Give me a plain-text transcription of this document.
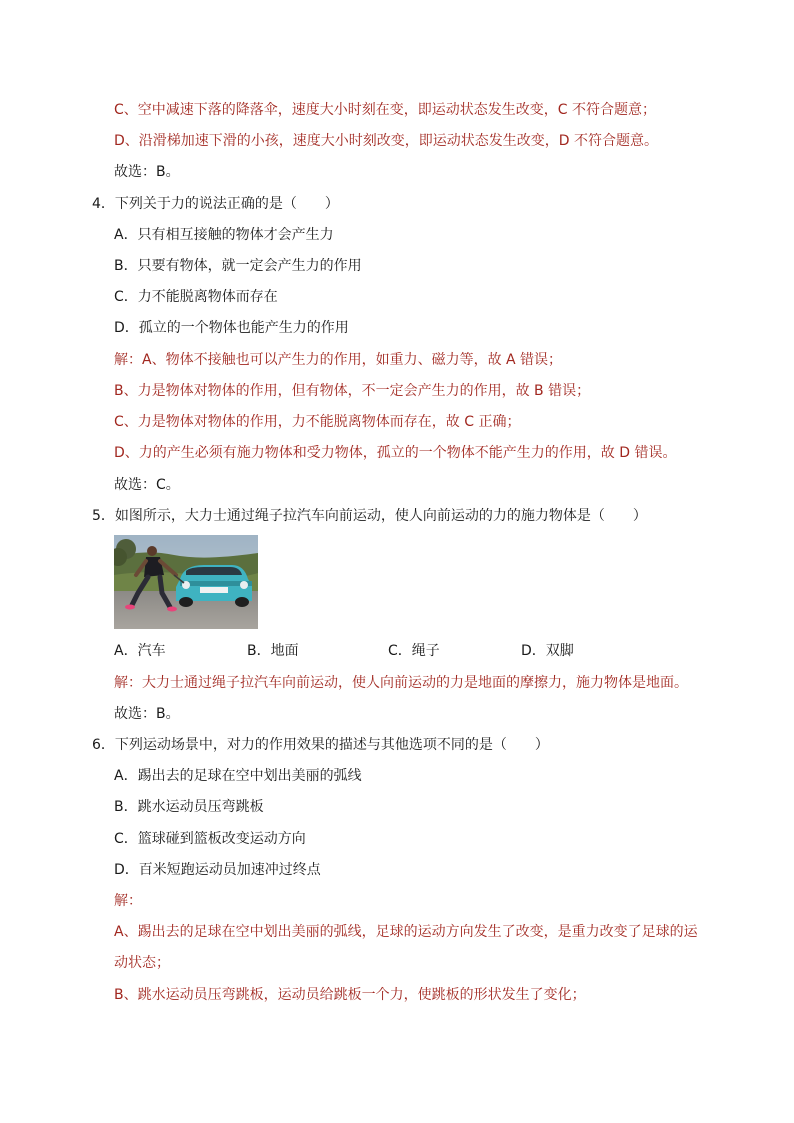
C、空中减速下落的降落伞，速度大小时刻在变，即运动状态发生改变，C 不符合题意；
D、沿滑梯加速下滑的小孩，速度大小时刻改变，即运动状态发生改变，D 不符合题意。
故选：B。
4．下列关于力的说法正确的是（　　）
A．只有相互接触的物体才会产生力
B．只要有物体，就一定会产生力的作用
C．力不能脱离物体而存在
D．孤立的一个物体也能产生力的作用
解：A、物体不接触也可以产生力的作用，如重力、磁力等，故 A 错误；
B、力是物体对物体的作用，但有物体，不一定会产生力的作用，故 B 错误；
C、力是物体对物体的作用，力不能脱离物体而存在，故 C 正确；
D、力的产生必须有施力物体和受力物体，孤立的一个物体不能产生力的作用，故 D 错误。
故选：C。
5．如图所示，大力士通过绳子拉汽车向前运动，使人向前运动的力的施力物体是（　　）
A．汽车	B．地面	C．绳子	D．双脚
解：大力士通过绳子拉汽车向前运动，使人向前运动的力是地面的摩擦力，施力物体是地面。
故选：B。
6．下列运动场景中，对力的作用效果的描述与其他选项不同的是（　　）
A．踢出去的足球在空中划出美丽的弧线
B．跳水运动员压弯跳板
C．篮球碰到篮板改变运动方向
D．百米短跑运动员加速冲过终点
解：
A、踢出去的足球在空中划出美丽的弧线，足球的运动方向发生了改变，是重力改变了足球的运
动状态；
B、跳水运动员压弯跳板，运动员给跳板一个力，使跳板的形状发生了变化；
